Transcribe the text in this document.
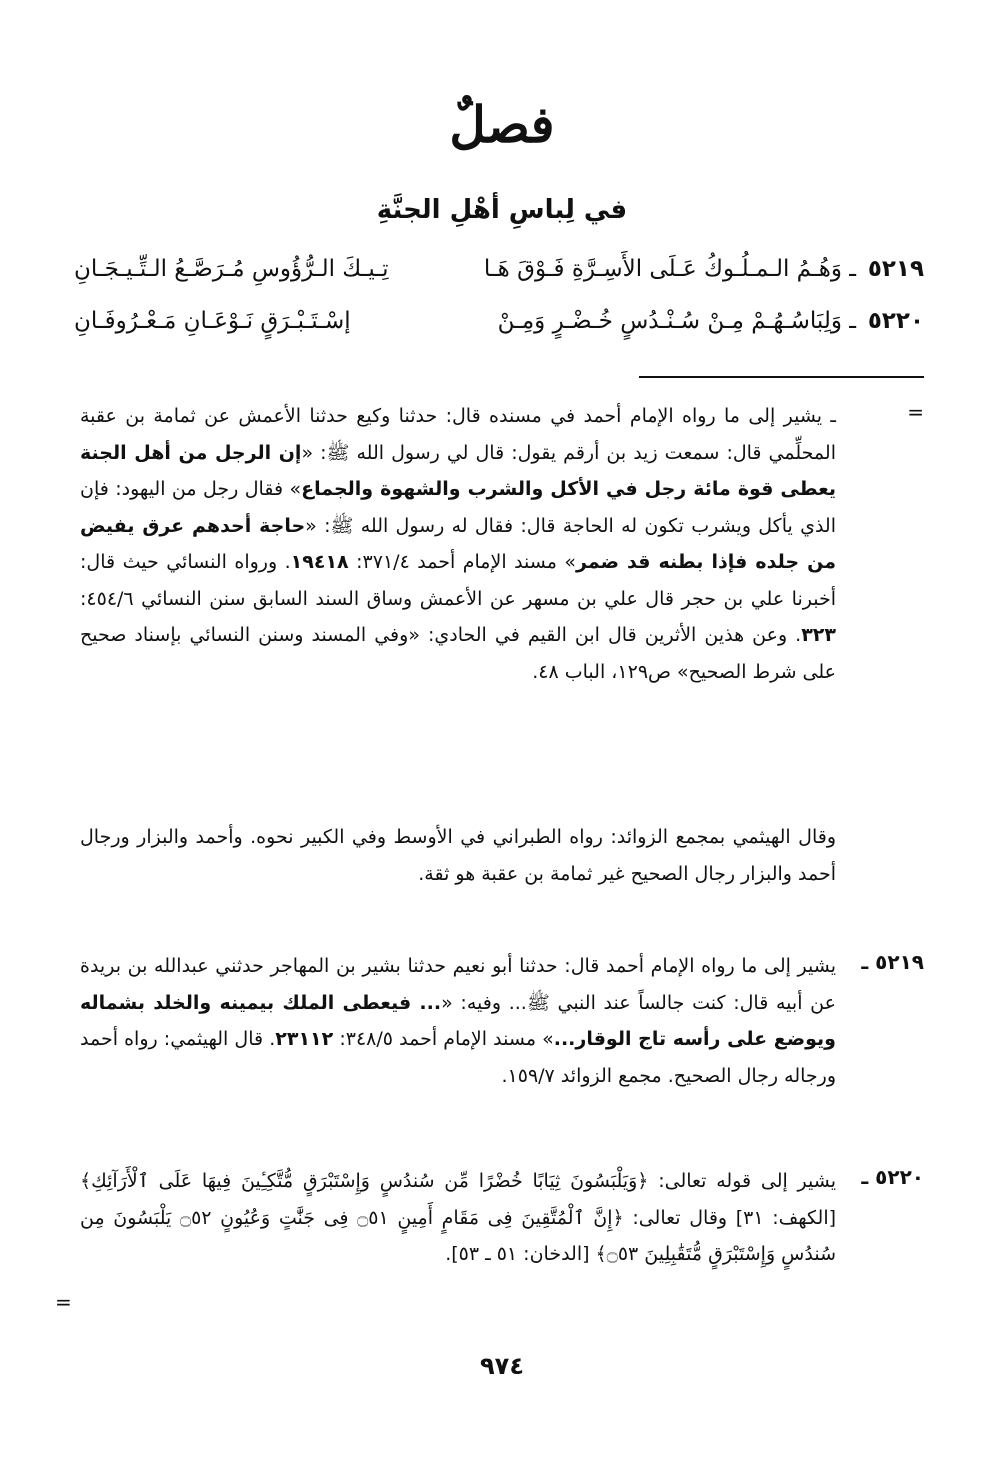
فصلٌ
في لِباسِ أهْلِ الجنَّةِ
٥٢١٩
ـ وَهُـمُ الـمـلُـوكُ عَـلَى الأَسِـرَّةِ فَـوْقَ هَـا
تِـيـكَ الـرُّؤُوسِ مُـرَصَّـعُ الـتِّـيـجَـانِ
٥٢٢٠
ـ وَلِبَاسُـهُـمْ مِـنْ سُـنْـدُسٍ خُـضْـرٍ وَمِـنْ
إسْـتَـبْـرَقٍ نَـوْعَـانِ مَـعْـرُوفَـانِ
=
ـ يشير إلى ما رواه الإمام أحمد في مسنده قال: حدثنا وكيع حدثنا الأعمش عن ثمامة بن عقبة المحلِّمي قال: سمعت زيد بن أرقم يقول: قال لي رسول الله ﷺ: «إن الرجل من أهل الجنة يعطى قوة مائة رجل في الأكل والشرب والشهوة والجماع» فقال رجل من اليهود: فإن الذي يأكل ويشرب تكون له الحاجة قال: فقال له رسول الله ﷺ: «حاجة أحدهم عرق يفيض من جلده فإذا بطنه قد ضمر» مسند الإمام أحمد ٣٧١/٤: ١٩٤١٨. ورواه النسائي حيث قال: أخبرنا علي بن حجر قال علي بن مسهر عن الأعمش وساق السند السابق سنن النسائي ٤٥٤/٦: ٣٢٣. وعن هذين الأثرين قال ابن القيم في الحادي: «وفي المسند وسنن النسائي بإسناد صحيح على شرط الصحيح» ص١٢٩، الباب ٤٨.
وقال الهيثمي بمجمع الزوائد: رواه الطبراني في الأوسط وفي الكبير نحوه. وأحمد والبزار ورجال أحمد والبزار رجال الصحيح غير ثمامة بن عقبة هو ثقة.
٥٢١٩ ـ
يشير إلى ما رواه الإمام أحمد قال: حدثنا أبو نعيم حدثنا بشير بن المهاجر حدثني عبدالله بن بريدة عن أبيه قال: كنت جالساً عند النبي ﷺ... وفيه: «... فيعطى الملك بيمينه والخلد بشماله ويوضع على رأسه تاج الوقار...» مسند الإمام أحمد ٣٤٨/٥: ٢٣١١٢. قال الهيثمي: رواه أحمد ورجاله رجال الصحيح. مجمع الزوائد ١٥٩/٧.
٥٢٢٠ ـ
يشير إلى قوله تعالى: ﴿وَيَلْبَسُونَ ثِيَابًا خُضْرًا مِّن سُندُسٍ وَإِسْتَبْرَقٍ مُّتَّكِـِٔينَ فِيهَا عَلَى ٱلْأَرَآئِكِ﴾ [الكهف: ٣١] وقال تعالى: ﴿إِنَّ ٱلْمُتَّقِينَ فِى مَقَامٍ أَمِينٍ ۝٥١ فِى جَنَّٰتٍ وَعُيُونٍ ۝٥٢ يَلْبَسُونَ مِن سُندُسٍ وَإِسْتَبْرَقٍ مُّتَقَٰبِلِينَ ۝٥٣﴾ [الدخان: ٥١ ـ ٥٣].
=
٩٧٤
